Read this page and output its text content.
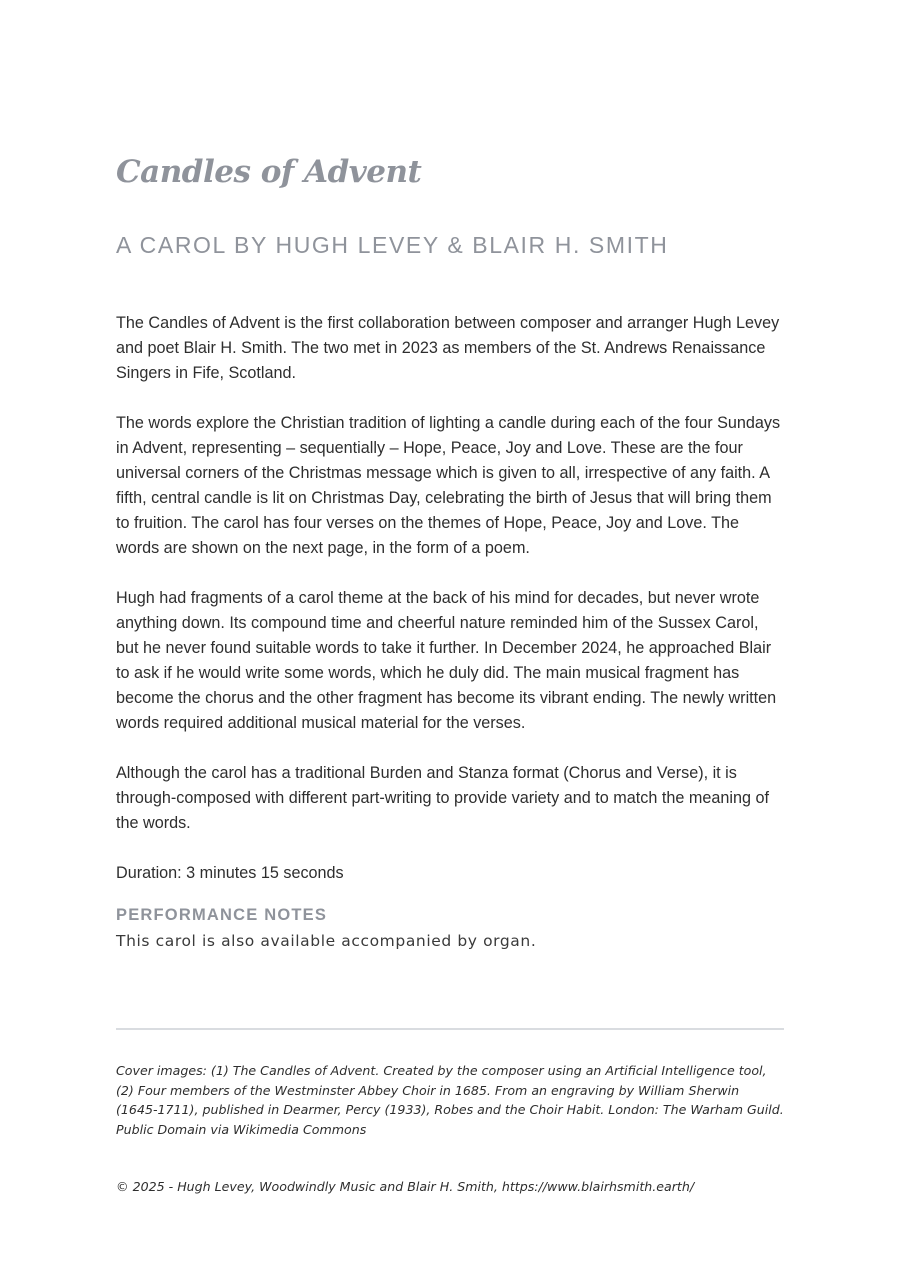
Candles of Advent
A CAROL BY HUGH LEVEY & BLAIR H. SMITH

The Candles of Advent is the first collaboration between composer and arranger Hugh Levey and poet Blair H. Smith. The two met in 2023 as members of the St. Andrews Renaissance Singers in Fife, Scotland.

The words explore the Christian tradition of lighting a candle during each of the four Sundays in Advent, representing – sequentially – Hope, Peace, Joy and Love. These are the four universal corners of the Christmas message which is given to all, irrespective of any faith. A fifth, central candle is lit on Christmas Day, celebrating the birth of Jesus that will bring them to fruition. The carol has four verses on the themes of Hope, Peace, Joy and Love. The words are shown on the next page, in the form of a poem.

Hugh had fragments of a carol theme at the back of his mind for decades, but never wrote anything down. Its compound time and cheerful nature reminded him of the Sussex Carol, but he never found suitable words to take it further. In December 2024, he approached Blair to ask if he would write some words, which he duly did. The main musical fragment has become the chorus and the other fragment has become its vibrant ending. The newly written words required additional musical material for the verses.

Although the carol has a traditional Burden and Stanza format (Chorus and Verse), it is through-composed with different part-writing to provide variety and to match the meaning of the words.

Duration: 3 minutes 15 seconds

PERFORMANCE NOTES

This carol is also available accompanied by organ.

Cover images: (1) The Candles of Advent. Created by the composer using an Artificial Intelligence tool, (2) Four members of the Westminster Abbey Choir in 1685. From an engraving by William Sherwin (1645-1711), published in Dearmer, Percy (1933), Robes and the Choir Habit. London: The Warham Guild. Public Domain via Wikimedia Commons

© 2025 - Hugh Levey, Woodwindly Music and Blair H. Smith, https://www.blairhsmith.earth/
